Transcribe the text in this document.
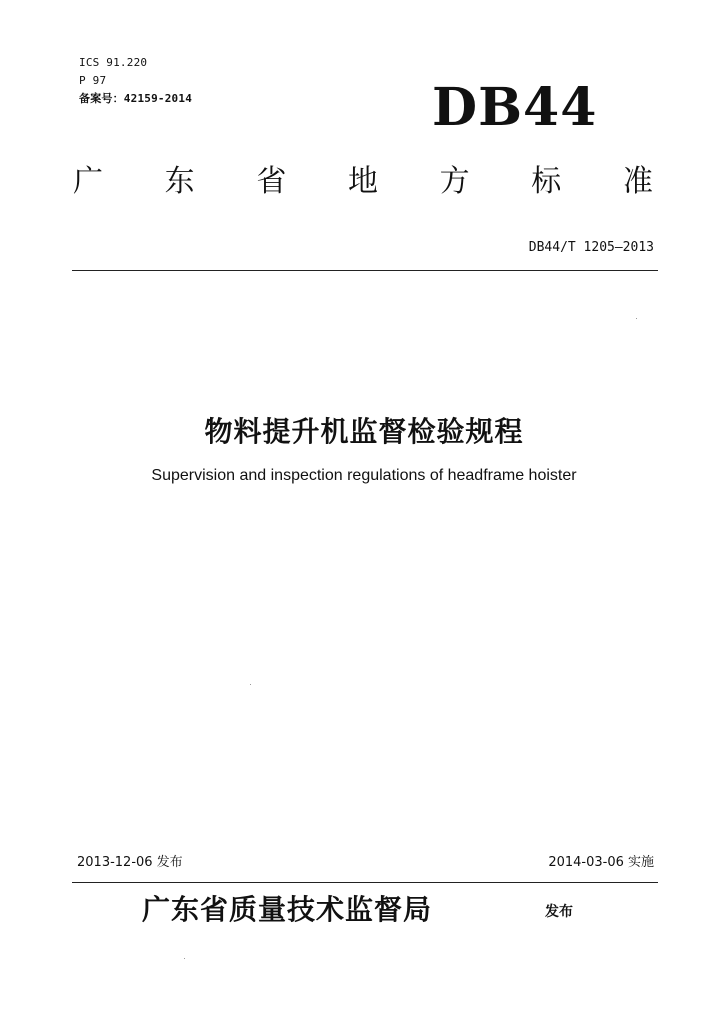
ICS 91.220
P 97
备案号：42159-2014	DB44
广 东 省 地 方 标 准
DB44/T 1205—2013
物料提升机监督检验规程
Supervision and inspection regulations of headframe hoister
2013-12-06 发布	2014-03-06 实施
广东省质量技术监督局	发布
